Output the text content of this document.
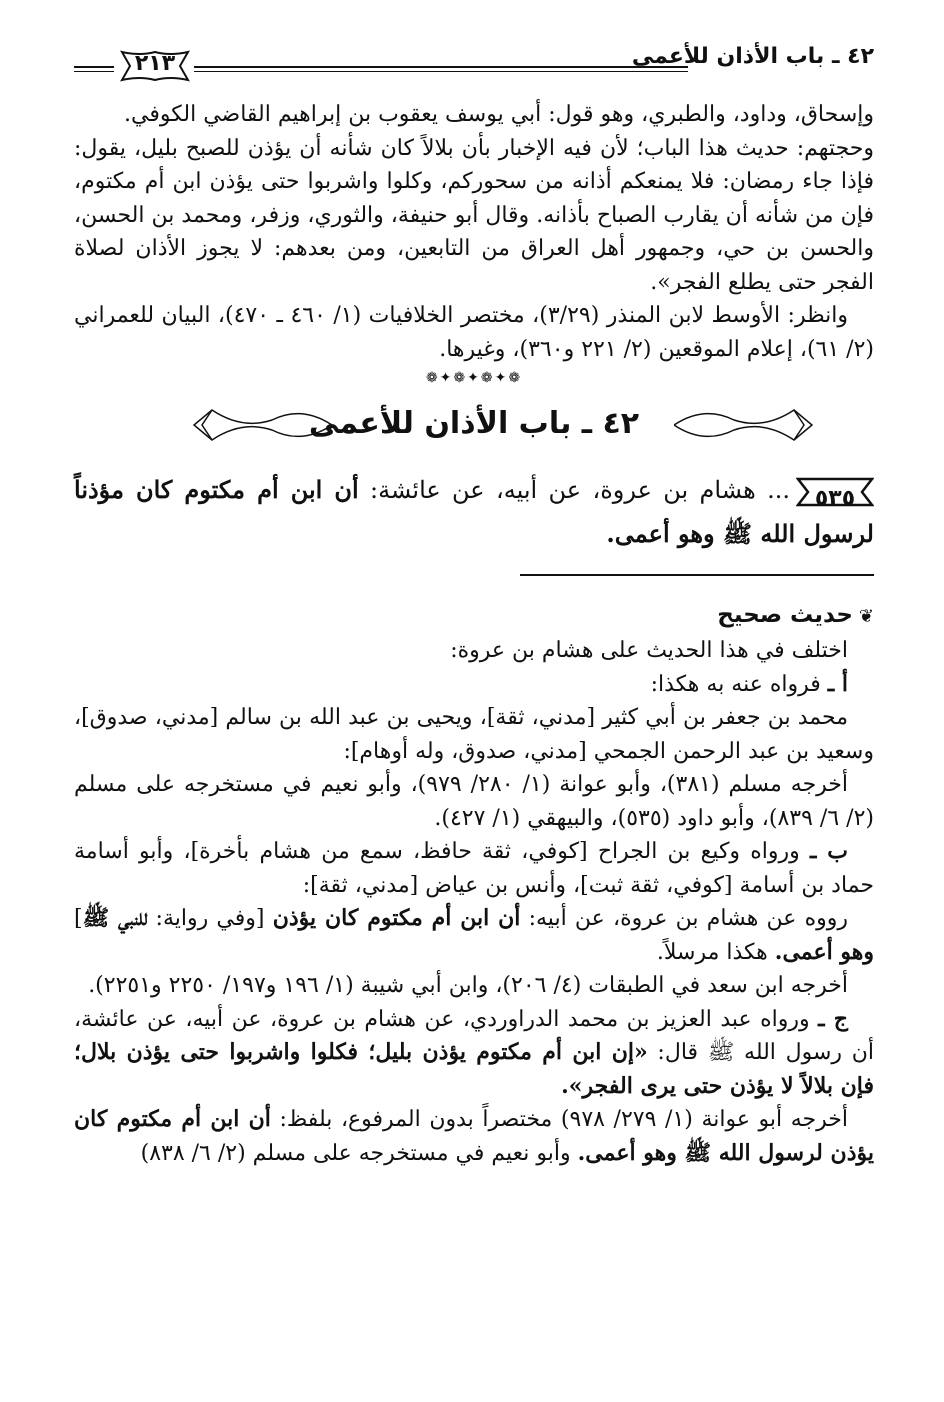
٤٢ ـ باب الأذان للأعمى
٢١٣

وإسحاق، وداود، والطبري، وهو قول: أبي يوسف يعقوب بن إبراهيم القاضي الكوفي.

وحجتهم: حديث هذا الباب؛ لأن فيه الإخبار بأن بلالاً كان شأنه أن يؤذن للصبح بليل، يقول: فإذا جاء رمضان: فلا يمنعكم أذانه من سحوركم، وكلوا واشربوا حتى يؤذن ابن أم مكتوم، فإن من شأنه أن يقارب الصباح بأذانه. وقال أبو حنيفة، والثوري، وزفر، ومحمد بن الحسن، والحسن بن حي، وجمهور أهل العراق من التابعين، ومن بعدهم: لا يجوز الأذان لصلاة الفجر حتى يطلع الفجر».

وانظر: الأوسط لابن المنذر (٣/٢٩)، مختصر الخلافيات (١/ ٤٦٠ ـ ٤٧٠)، البيان للعمراني (٢/ ٦١)، إعلام الموقعين (٢/ ٢٢١ و٣٦٠)، وغيرها.

❁✦❁✦❁✦❁
٤٢ ـ باب الأذان للأعمى

٥٣٥
... هشام بن عروة، عن أبيه، عن عائشة: أن ابن أم مكتوم كان مؤذناً لرسول الله ﷺ وهو أعمى.

❦حديث صحيح

اختلف في هذا الحديث على هشام بن عروة:

أ ـ فرواه عنه به هكذا:

محمد بن جعفر بن أبي كثير [مدني، ثقة]، ويحيى بن عبد الله بن سالم [مدني، صدوق]، وسعيد بن عبد الرحمن الجمحي [مدني، صدوق، وله أوهام]:

أخرجه مسلم (٣٨١)، وأبو عوانة (١/ ٢٨٠/ ٩٧٩)، وأبو نعيم في مستخرجه على مسلم (٢/ ٦/ ٨٣٩)، وأبو داود (٥٣٥)، والبيهقي (١/ ٤٢٧).

ب ـ ورواه وكيع بن الجراح [كوفي، ثقة حافظ، سمع من هشام بأخرة]، وأبو أسامة حماد بن أسامة [كوفي، ثقة ثبت]، وأنس بن عياض [مدني، ثقة]:

رووه عن هشام بن عروة، عن أبيه: أن ابن أم مكتوم كان يؤذن [وفي رواية: للنبي ﷺ] وهو أعمى. هكذا مرسلاً.

أخرجه ابن سعد في الطبقات (٤/ ٢٠٦)، وابن أبي شيبة (١/ ١٩٦ و١٩٧/ ٢٢٥٠ و٢٢٥١).

ج ـ ورواه عبد العزيز بن محمد الدراوردي، عن هشام بن عروة، عن أبيه، عن عائشة، أن رسول الله ﷺ قال: «إن ابن أم مكتوم يؤذن بليل؛ فكلوا واشربوا حتى يؤذن بلال؛ فإن بلالاً لا يؤذن حتى يرى الفجر».

أخرجه أبو عوانة (١/ ٢٧٩/ ٩٧٨) مختصراً بدون المرفوع، بلفظ: أن ابن أم مكتوم كان يؤذن لرسول الله ﷺ وهو أعمى. وأبو نعيم في مستخرجه على مسلم (٢/ ٦/ ٨٣٨)
